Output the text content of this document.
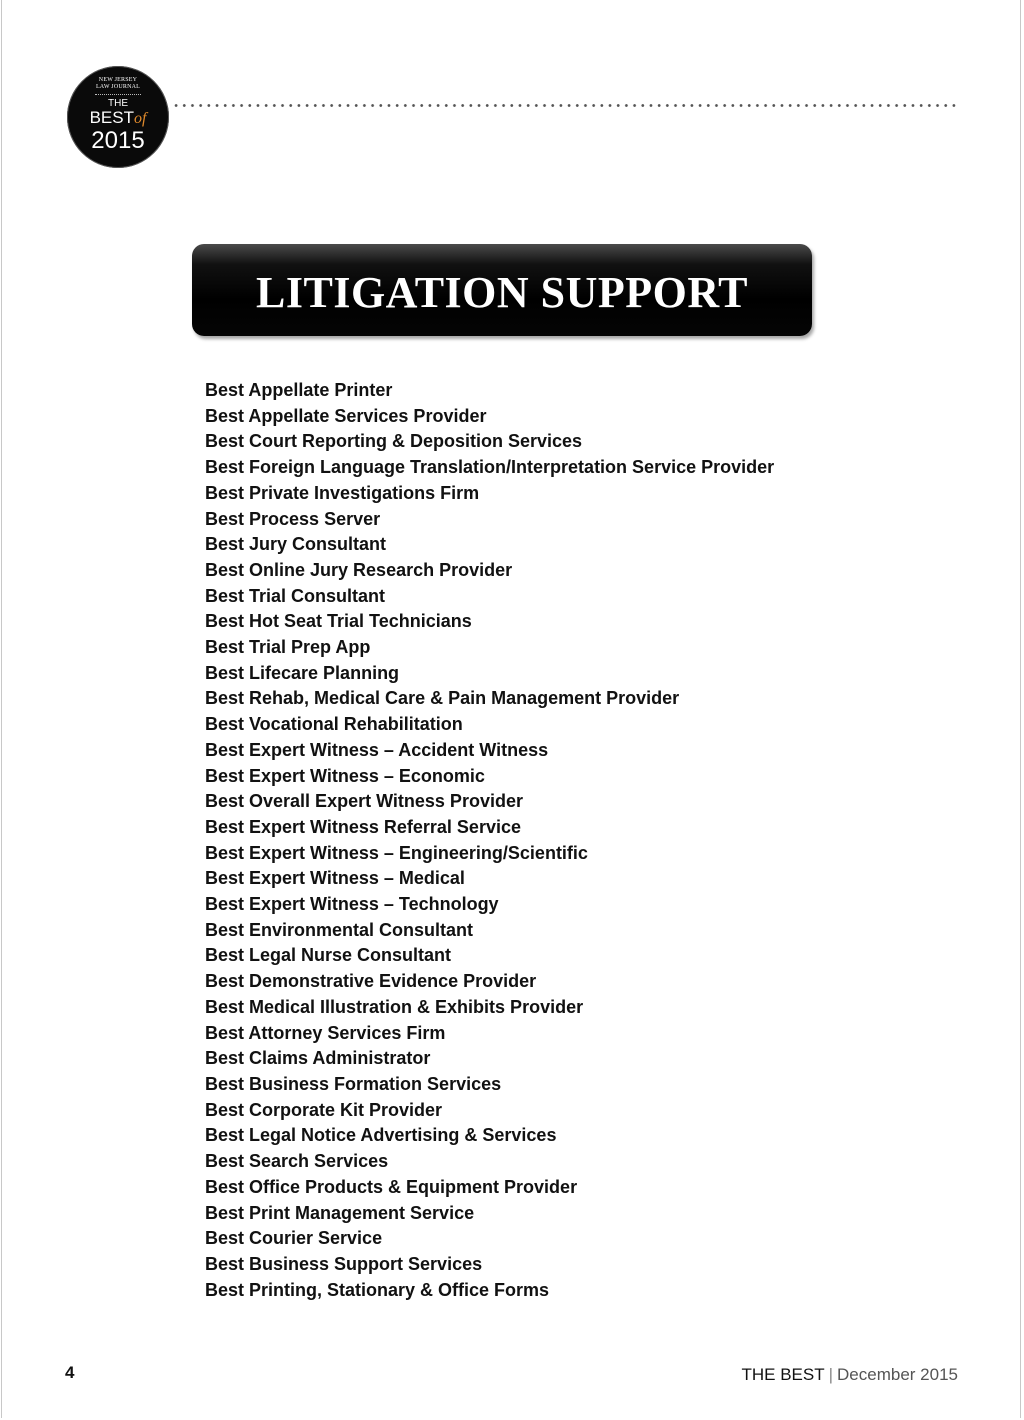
NEW JERSEY
LAW JOURNAL
THE
BESTof
2015
LITIGATION SUPPORT
Best Appellate Printer
Best Appellate Services Provider
Best Court Reporting & Deposition Services
Best Foreign Language Translation/Interpretation Service Provider
Best Private Investigations Firm
Best Process Server
Best Jury Consultant
Best Online Jury Research Provider
Best Trial Consultant
Best Hot Seat Trial Technicians
Best Trial Prep App
Best Lifecare Planning
Best Rehab, Medical Care & Pain Management Provider
Best Vocational Rehabilitation
Best Expert Witness – Accident Witness
Best Expert Witness – Economic
Best Overall Expert Witness Provider
Best Expert Witness Referral Service
Best Expert Witness – Engineering/Scientific
Best Expert Witness – Medical
Best Expert Witness – Technology
Best Environmental Consultant
Best Legal Nurse Consultant
Best Demonstrative Evidence Provider
Best Medical Illustration & Exhibits Provider
Best Attorney Services Firm
Best Claims Administrator
Best Business Formation Services
Best Corporate Kit Provider
Best Legal Notice Advertising & Services
Best Search Services
Best Office Products & Equipment Provider
Best Print Management Service
Best Courier Service
Best Business Support Services
Best Printing, Stationary & Office Forms
4	THE BEST | December 2015
